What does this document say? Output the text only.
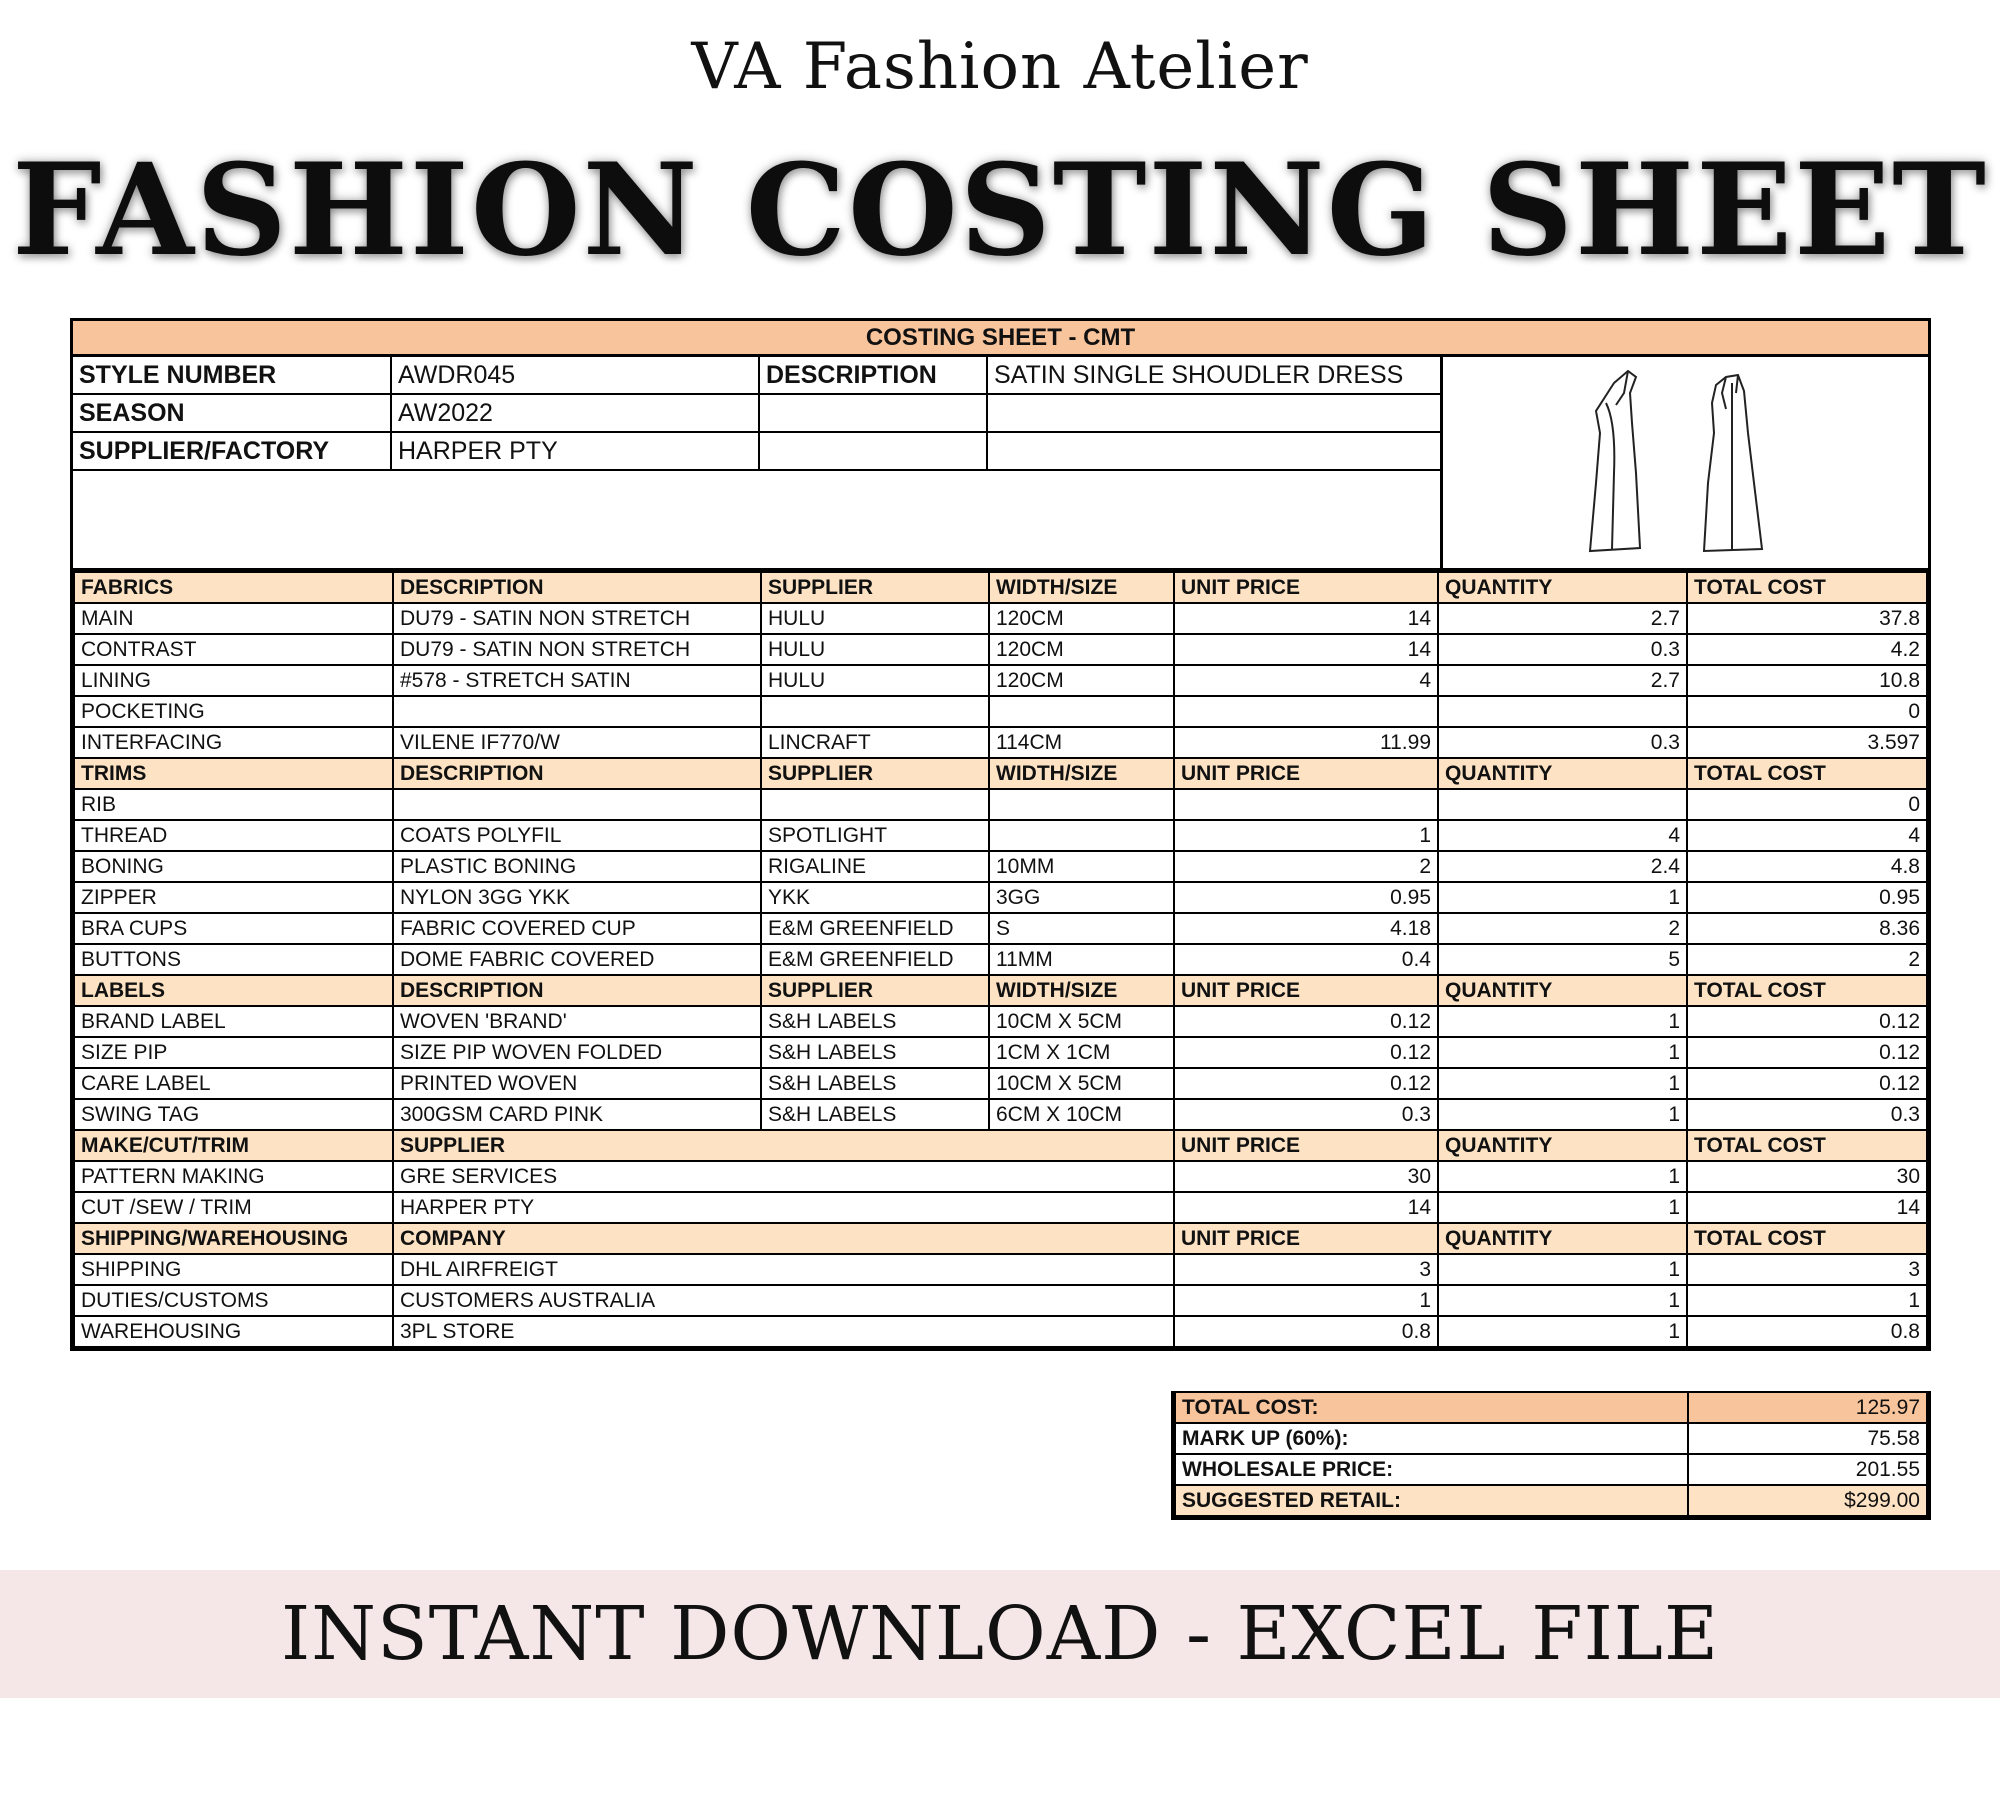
VA Fashion Atelier
FASHION COSTING SHEET
COSTING SHEET - CMT
STYLE NUMBER	AWDR045	DESCRIPTION	SATIN SINGLE SHOUDLER DRESS
SEASON	AW2022
SUPPLIER/FACTORY	HARPER PTY
FABRICS	DESCRIPTION	SUPPLIER	WIDTH/SIZE	UNIT PRICE	QUANTITY	TOTAL COST
MAIN	DU79 - SATIN NON STRETCH	HULU	120CM	14	2.7	37.8
CONTRAST	DU79 - SATIN NON STRETCH	HULU	120CM	14	0.3	4.2
LINING	#578 - STRETCH SATIN	HULU	120CM	4	2.7	10.8
POCKETING						0
INTERFACING	VILENE IF770/W	LINCRAFT	114CM	11.99	0.3	3.597
TRIMS	DESCRIPTION	SUPPLIER	WIDTH/SIZE	UNIT PRICE	QUANTITY	TOTAL COST
RIB						0
THREAD	COATS POLYFIL	SPOTLIGHT		1	4	4
BONING	PLASTIC BONING	RIGALINE	10MM	2	2.4	4.8
ZIPPER	NYLON 3GG YKK	YKK	3GG	0.95	1	0.95
BRA CUPS	FABRIC COVERED CUP	E&M GREENFIELD	S	4.18	2	8.36
BUTTONS	DOME FABRIC COVERED	E&M GREENFIELD	11MM	0.4	5	2
LABELS	DESCRIPTION	SUPPLIER	WIDTH/SIZE	UNIT PRICE	QUANTITY	TOTAL COST
BRAND LABEL	WOVEN 'BRAND'	S&H LABELS	10CM X 5CM	0.12	1	0.12
SIZE PIP	SIZE PIP WOVEN FOLDED	S&H LABELS	1CM X 1CM	0.12	1	0.12
CARE LABEL	PRINTED WOVEN	S&H LABELS	10CM X 5CM	0.12	1	0.12
SWING TAG	300GSM CARD PINK	S&H LABELS	6CM X 10CM	0.3	1	0.3
MAKE/CUT/TRIM	SUPPLIER			UNIT PRICE	QUANTITY	TOTAL COST
PATTERN MAKING	GRE SERVICES			30	1	30
CUT /SEW / TRIM	HARPER PTY			14	1	14
SHIPPING/WAREHOUSING	COMPANY			UNIT PRICE	QUANTITY	TOTAL COST
SHIPPING	DHL AIRFREIGT			3	1	3
DUTIES/CUSTOMS	CUSTOMERS AUSTRALIA			1	1	1
WAREHOUSING	3PL STORE			0.8	1	0.8
TOTAL COST:	125.97
MARK UP (60%):	75.58
WHOLESALE PRICE:	201.55
SUGGESTED RETAIL:	$299.00
INSTANT DOWNLOAD - EXCEL FILE
